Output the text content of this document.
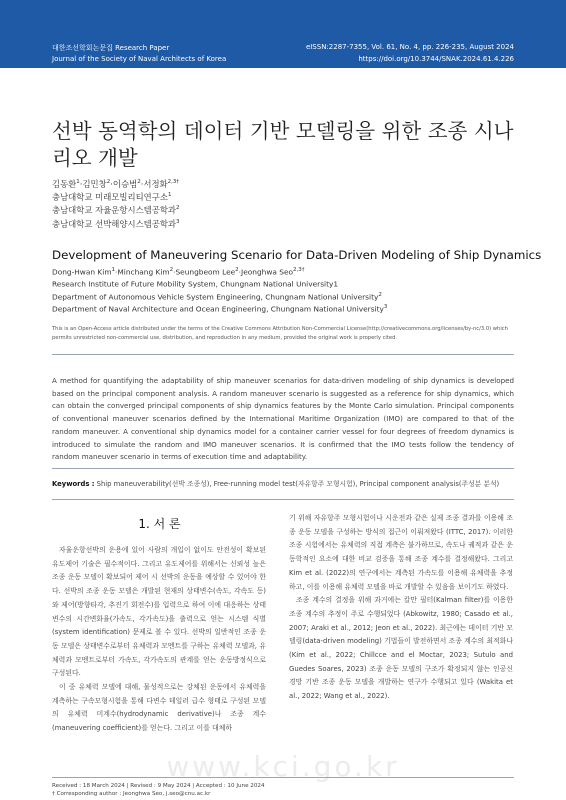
대한조선학회논문집 Research Paper
Journal of the Society of Naval Architects of Korea
eISSN:2287-7355, Vol. 61, No. 4, pp. 226-235, August 2024
https://doi.org/10.3744/SNAK.2024.61.4.226
선박 동역학의 데이터 기반 모델링을 위한 조종 시나리오 개발
김동환$^1$·김민창$^2$·이승범$^2$·서정화$^{2,3\dagger}$
충남대학교 미래모빌리티연구소$^1$
충남대학교 자율운항시스템공학과$^2$
충남대학교 선박해양시스템공학과$^3$
Development of Maneuvering Scenario for Data-Driven Modeling of Ship Dynamics
Dong-Hwan Kim$^1$·Minchang Kim$^2$·Seungbeom Lee$^2$·Jeonghwa Seo$^{2,3\dagger}$
Research Institute of Future Mobility System, Chungnam National University1
Department of Autonomous Vehicle System Engineering, Chungnam National University$^2$
Department of Naval Architecture and Ocean Engineering, Chungnam National University$^3$
This is an Open-Access article distributed under the terms of the Creative Commons Attribution Non-Commercial License(http://creativecommons.org/licenses/by-nc/3.0) which permits unrestricted non-commercial use, distribution, and reproduction in any medium, provided the original work is properly cited.
A method for quantifying the adaptability of ship maneuver scenarios for data-driven modeling of ship dynamics is developed based on the principal component analysis. A random maneuver scenario is suggested as a reference for ship dynamics, which can obtain the converged principal components of ship dynamics features by the Monte Carlo simulation. Principal components of conventional maneuver scenarios defined by the International Maritime Organization (IMO) are compared to that of the random maneuver. A conventional ship dynamics model for a container carrier vessel for four degrees of freedom dynamics is introduced to simulate the random and IMO maneuver scenarios. It is confirmed that the IMO tests follow the tendency of random maneuver scenario in terms of execution time and adaptability.
Keywords : Ship maneuverability(선박 조종성), Free-running model test(자유항주 모형시험), Principal component analysis(주성분 분석)
1. 서 론

자율운항선박의 운용에 있어 사람의 개입이 없이도 안전성이 확보된 유도제어 기술은 필수적이다. 그리고 유도제어를 위해서는 신뢰성 높은 조종 운동 모델이 확보되어 제어 시 선박의 운동을 예상할 수 있어야 한다. 선박의 조종 운동 모델은 개발된 현재의 상태변수(속도, 각속도 등)와 제어(방향타각, 추진기 회전수)를 입력으로 하여 이에 대응하는 상태변수의 시간변화율(가속도, 각가속도)을 출력으로 얻는 시스템 식별(system identification) 문제로 볼 수 있다. 선박의 일반적인 조종 운동 모델은 상태변수로부터 유체력과 모멘트를 구하는 유체력 모델과, 유체력과 모멘트로부터 가속도, 각가속도의 관계를 얻는 운동방정식으로 구성된다.

이 중 유체력 모델에 대해, 물성적으로는 강체된 운동에서 유체력을 계측하는 구속모형시험을 통해 다변수 테일러 급수 형태로 구성된 모델의 유체력 미계수(hydrodynamic derivative)나 조종 계수(maneuvering coefficient)를 얻는다. 그리고 이를 대체하

기 위해 자유항주 모형시험이나 시운전과 같은 실제 조종 결과를 이용해 조종 운동 모델을 구성하는 방식의 접근이 이뤄져왔다 (ITTC, 2017). 이러한 조종 시험에서는 유체력의 직접 계측은 불가하므로, 속도나 궤적과 같은 운동학적인 요소에 대한 비교 검증을 통해 조종 계수를 결정해왔다. 그리고 Kim et al. (2022)의 연구에서는 계측된 가속도를 이용해 유체력을 추정하고, 이를 이용해 유체력 모델을 바로 개발할 수 있음을 보이기도 하였다.

조종 계수의 결정을 위해 과거에는 칼만 필터(Kalman filter)를 이용한 조종 계수의 추정이 주로 수행되었다 (Abkowitz, 1980; Casado et al., 2007; Araki et al., 2012; Jeon et al., 2022). 최근에는 데이터 기반 모델링(data-driven modeling) 기법들이 발전하면서 조종 계수의 최적화나 (Kim et al., 2022; Chillcce and el Moctar, 2023; Sutulo and Guedes Soares, 2023) 조종 운동 모델의 구조가 확정되지 않는 인공신경망 기반 조종 운동 모델을 개발하는 연구가 수행되고 있다 (Wakita et al., 2022; Wang et al., 2022).

www.kci.go.kr
Received : 18 March 2024 | Revised : 9 May 2024 | Accepted : 10 June 2024
† Corresponding author : Jeonghwa Seo, j.seo@cnu.ac.kr
